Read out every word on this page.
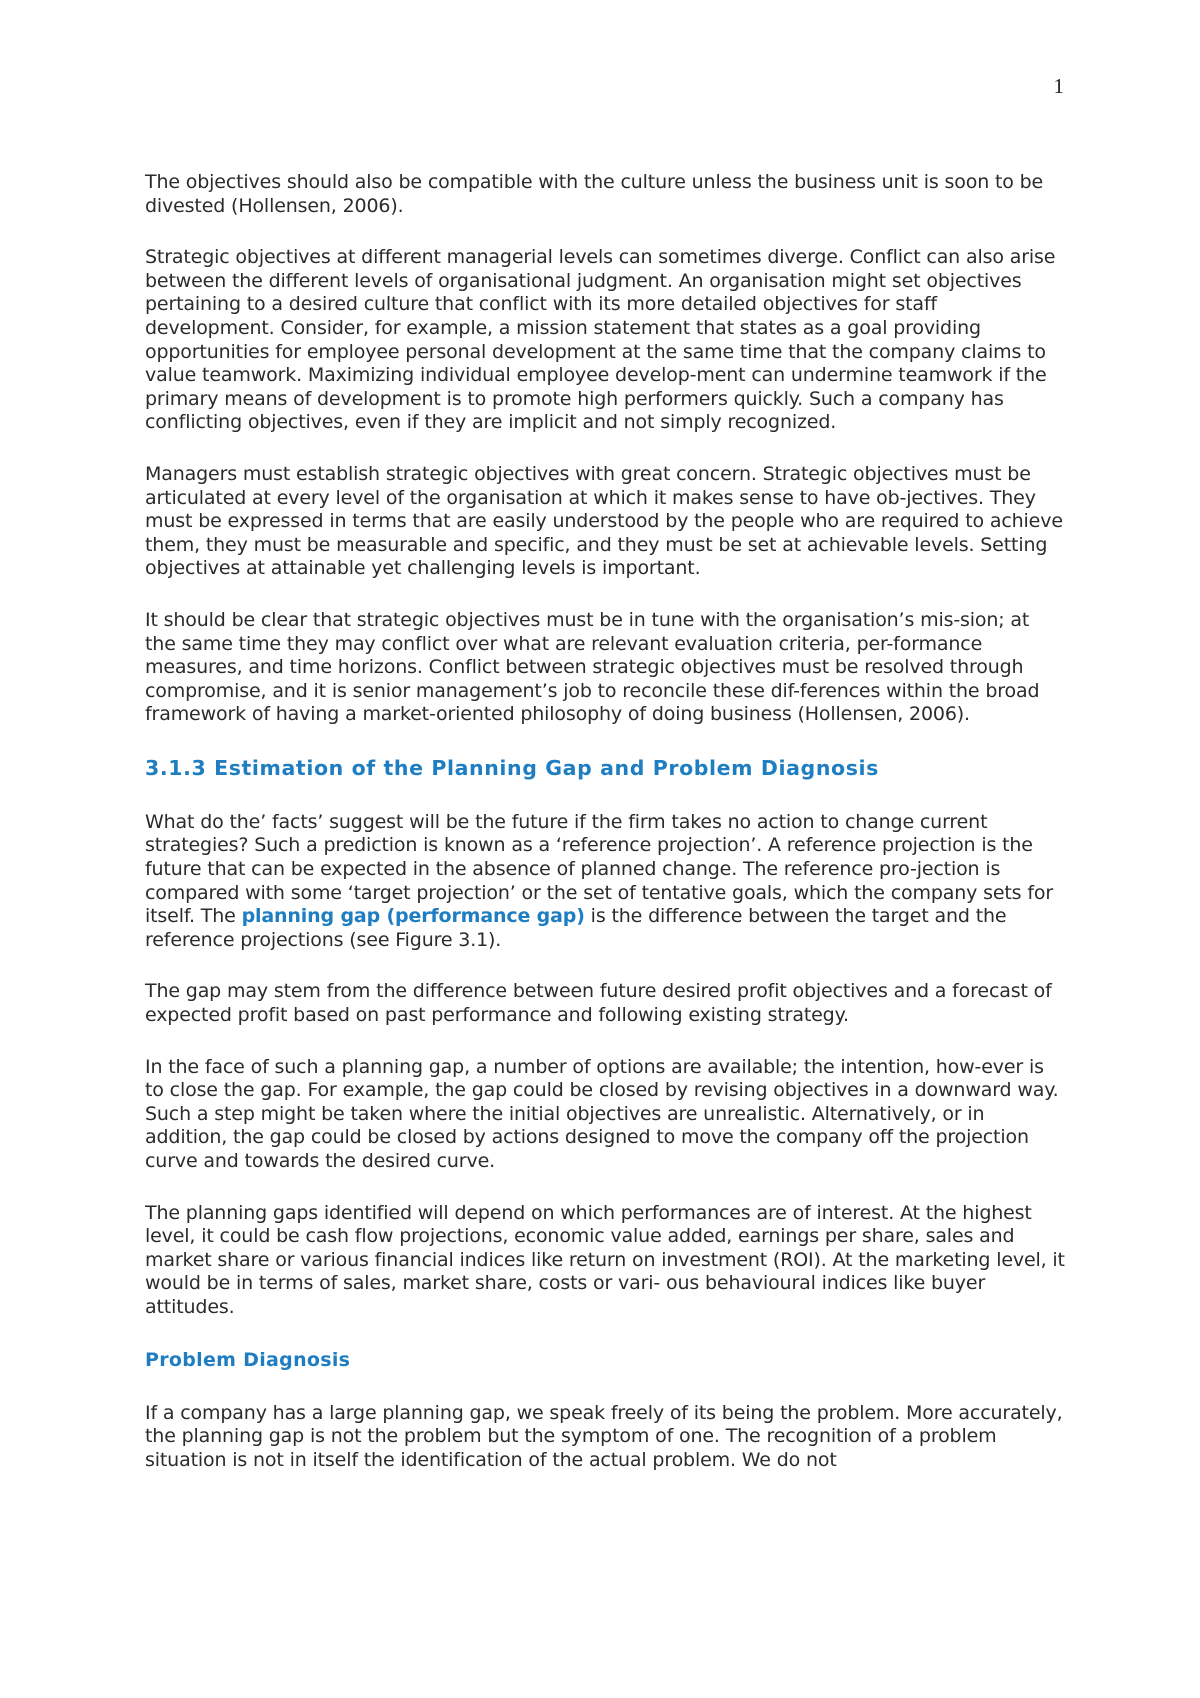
1

The objectives should also be compatible with the culture unless the business unit is soon to be divested (Hollensen, 2006).

Strategic objectives at different managerial levels can sometimes diverge. Conflict can also arise between the different levels of organisational judgment. An organisation might set objectives pertaining to a desired culture that conflict with its more detailed objectives for staff development. Consider, for example, a mission statement that states as a goal providing opportunities for employee personal development at the same time that the company claims to value teamwork. Maximizing individual employee develop-ment can undermine teamwork if the primary means of development is to promote high performers quickly. Such a company has conflicting objectives, even if they are implicit and not simply recognized.

Managers must establish strategic objectives with great concern. Strategic objectives must be articulated at every level of the organisation at which it makes sense to have ob-jectives. They must be expressed in terms that are easily understood by the people who are required to achieve them, they must be measurable and specific, and they must be set at achievable levels. Setting objectives at attainable yet challenging levels is important.

It should be clear that strategic objectives must be in tune with the organisation’s mis-sion; at the same time they may conflict over what are relevant evaluation criteria, per-formance measures, and time horizons. Conflict between strategic objectives must be resolved through compromise, and it is senior management’s job to reconcile these dif-ferences within the broad framework of having a market-oriented philosophy of doing business (Hollensen, 2006).

3.1.3 Estimation of the Planning Gap and Problem Diagnosis

What do the’ facts’ suggest will be the future if the firm takes no action to change current strategies? Such a prediction is known as a ‘reference projection’. A reference projection is the future that can be expected in the absence of planned change. The reference pro-jection is compared with some ‘target projection’ or the set of tentative goals, which the company sets for itself. The planning gap (performance gap) is the difference between the target and the reference projections (see Figure 3.1).

The gap may stem from the difference between future desired profit objectives and a forecast of expected profit based on past performance and following existing strategy.

In the face of such a planning gap, a number of options are available; the intention, how-ever is to close the gap. For example, the gap could be closed by revising objectives in a downward way. Such a step might be taken where the initial objectives are unrealistic. Alternatively, or in addition, the gap could be closed by actions designed to move the company off the projection curve and towards the desired curve.

The planning gaps identified will depend on which performances are of interest. At the highest level, it could be cash flow projections, economic value added, earnings per share, sales and market share or various financial indices like return on investment (ROI). At the marketing level, it would be in terms of sales, market share, costs or vari- ous behavioural indices like buyer attitudes.

Problem Diagnosis

If a company has a large planning gap, we speak freely of its being the problem. More accurately, the planning gap is not the problem but the symptom of one. The recognition of a problem situation is not in itself the identification of the actual problem. We do not
